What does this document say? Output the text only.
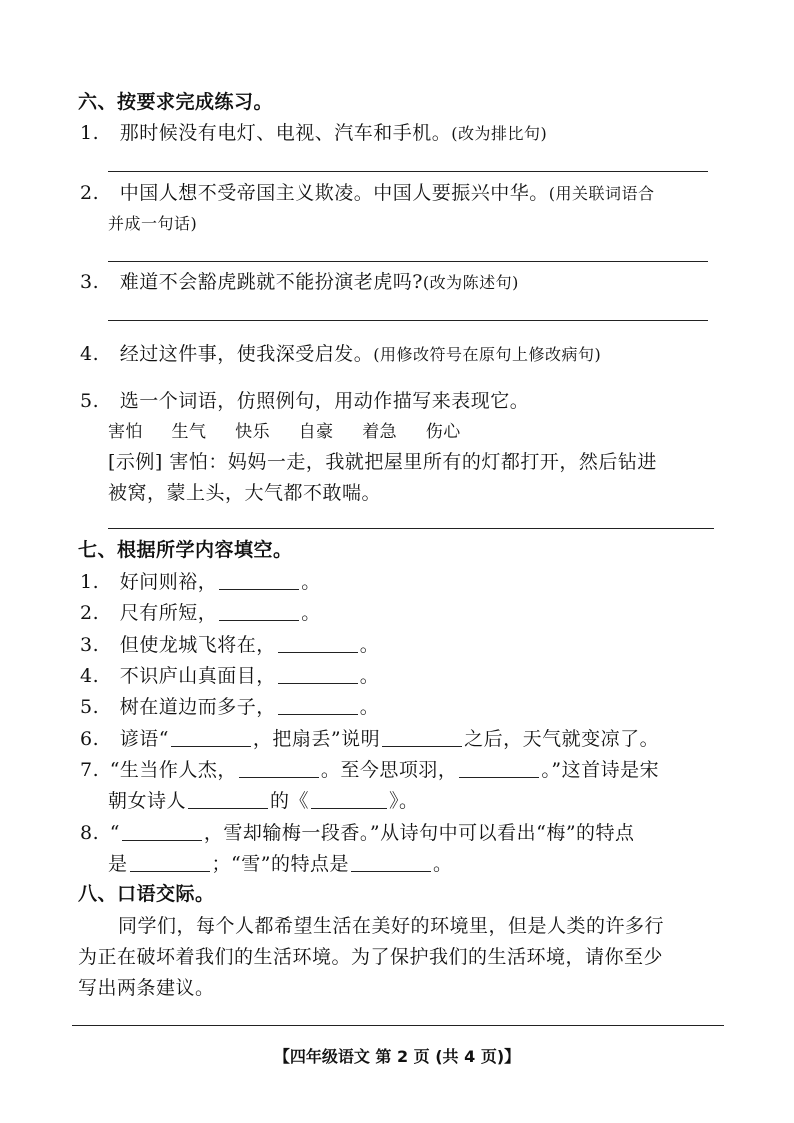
六、按要求完成练习。
1. 那时候没有电灯、电视、汽车和手机。(改为排比句)
2. 中国人想不受帝国主义欺凌。中国人要振兴中华。(用关联词语合
并成一句话)
3. 难道不会豁虎跳就不能扮演老虎吗?(改为陈述句)
4. 经过这件事，使我深受启发。(用修改符号在原句上修改病句)
5. 选一个词语，仿照例句，用动作描写来表现它。
害怕 生气 快乐 自豪 着急 伤心
[示例] 害怕：妈妈一走，我就把屋里所有的灯都打开，然后钻进
被窝，蒙上头，大气都不敢喘。
七、根据所学内容填空。
1. 好问则裕，	。
2. 尺有所短，	。
3. 但使龙城飞将在，	。
4. 不识庐山真面目，	。
5. 树在道边而多子，	。
6. 谚语“	，把扇丢”说明	之后，天气就变凉了。
7. “生当作人杰，	。至今思项羽，	。”这首诗是宋
朝女诗人	的《	》。
8. “	，雪却输梅一段香。”从诗句中可以看出“梅”的特点
是	；“雪”的特点是	。
八、口语交际。
同学们，每个人都希望生活在美好的环境里，但是人类的许多行
为正在破坏着我们的生活环境。为了保护我们的生活环境，请你至少
写出两条建议。
【四年级语文 第 2 页 (共 4 页)】
